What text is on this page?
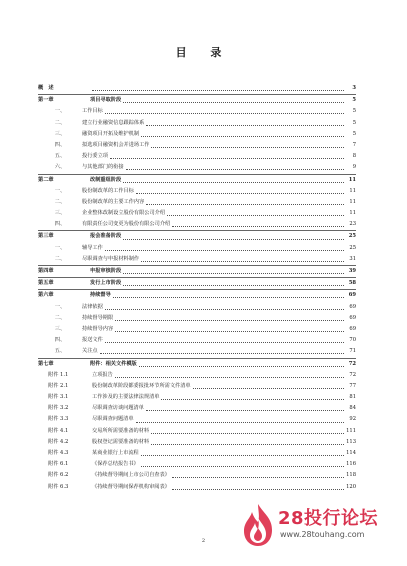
目 录
概　述	3
第一章	项目寻取阶段	5
一、	工作目标	5
二、	建立行业融资信息跟踪体系	5
三、	融资项目开拓及维护机制	5
四、	拟选项目融资机会并进场工作	7
五、	投行委立项	8
六、	与其他部门的衔接	9
第二章	改制重组阶段	11
一、	股份制改革的工作目标	11
二、	股份制改革的主要工作内容	11
三、	企业整体改制设立股份有限公司介绍	11
四、	有限责任公司变更为股份有限公司介绍	23
第三章	报会准备阶段	25
一、	辅导工作	25
二、	尽职调查与申报材料制作	31
第四章	申报审核阶段	39
第五章	发行上市阶段	58
第六章	持续督导	69
一、	法律依据	69
二、	持续督导期限	69
三、	持续督导内容	69
四、	报送文件	70
五、	关注点	71
第七章	附件：相关文件模版	72
附件 1.1	立项报告	72
附件 2.1	股份制改革阶段都委报批环节所需文件清单	77
附件 3.1	工作涉及的主要法律法规清单	81
附件 3.2	尽职调查访谈问题清单	84
附件 3.3	尽职调查问题清单	92
附件 4.1	交易所所需要准备的材料	111
附件 4.2	股权登记需要准备的材料	113
附件 4.3	某商业银行上市流程	114
附件 6.1	《保荐总结报告书》	116
附件 6.2	《持续督导期间上市公司自查表》	118
附件 6.3	《持续督导期间保荐机构审阅表》	120
2
28投行论坛
www.28touhang.com
